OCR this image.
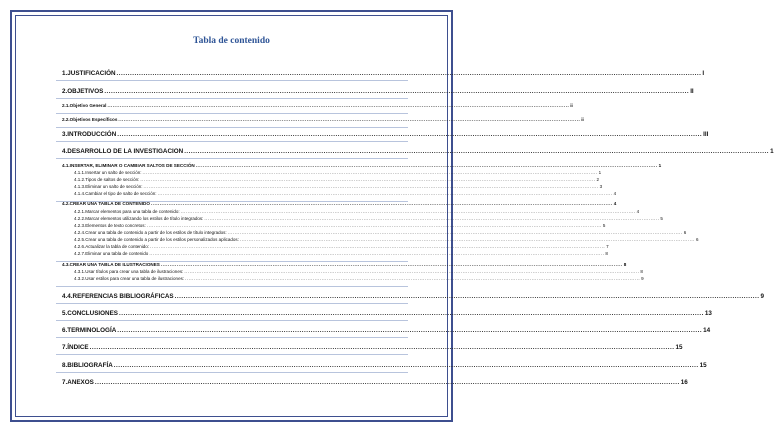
Tabla de contenido
1. JUSTIFICACIÓN .................................................................................................................................................................................................................................................................... I
2. OBJETIVOS .................................................................................................................................................................................................................................................................... II
2.1. Objetivo General .................................................................................................................................................................................................................................................................... ii
2.2. Objetivos Específicos .................................................................................................................................................................................................................................................................... ii
3. INTRODUCCIÓN .................................................................................................................................................................................................................................................................... III
4. DESARROLLO DE LA INVESTIGACION .................................................................................................................................................................................................................................................................... 1
4.1. INSERTAR, ELIMINAR O CAMBIAR SALTOS DE SECCIÓN .................................................................................................................................................................................................................................................................... 1
4.1.1. Insertar un salto de sección: .................................................................................................................................................................................................................................................................... 1
4.1.2. Tipos de saltos de sección: .................................................................................................................................................................................................................................................................... 2
4.1.3. Eliminar un salto de sección: .................................................................................................................................................................................................................................................................... 3
4.1.4. Cambiar el tipo de salto de sección: .................................................................................................................................................................................................................................................................... 4
4.2. CREAR UNA TABLA DE CONTENIDO .................................................................................................................................................................................................................................................................... 4
4.2.1. Marcar elementos para una tabla de contenido: .................................................................................................................................................................................................................................................................... 4
4.2.2. Marcar elementos utilizando los estilos de título integrados: .................................................................................................................................................................................................................................................................... 5
4.2.3. Elementos de texto concretos: .................................................................................................................................................................................................................................................................... 5
4.2.4. Crear una tabla de contenido a partir de los estilos de título integrados: .................................................................................................................................................................................................................................................................... 6
4.2.5. Crear una tabla de contenido a partir de los estilos personalizados aplicados: .................................................................................................................................................................................................................................................................... 6
4.2.6. Actualizar la tabla de contenido: .................................................................................................................................................................................................................................................................... 7
4.2.7. Eliminar una tabla de contenido .................................................................................................................................................................................................................................................................... 8
4.3. CREAR UNA TABLA DE ILUSTRACIONES .................................................................................................................................................................................................................................................................... 8
4.3.1. Usar títulos para crear una tabla de ilustraciones: .................................................................................................................................................................................................................................................................... 8
4.3.2. Usar estilos para crear una tabla de ilustraciones: .................................................................................................................................................................................................................................................................... 9
4.4. REFERENCIAS BIBLIOGRÁFICAS .................................................................................................................................................................................................................................................................... 9
5. CONCLUSIONES .................................................................................................................................................................................................................................................................... 13
6. TERMINOLOGÍA .................................................................................................................................................................................................................................................................... 14
7. ÍNDICE .................................................................................................................................................................................................................................................................... 15
8. BIBLIOGRAFÍA .................................................................................................................................................................................................................................................................... 15
7. ANEXOS .................................................................................................................................................................................................................................................................... 16
